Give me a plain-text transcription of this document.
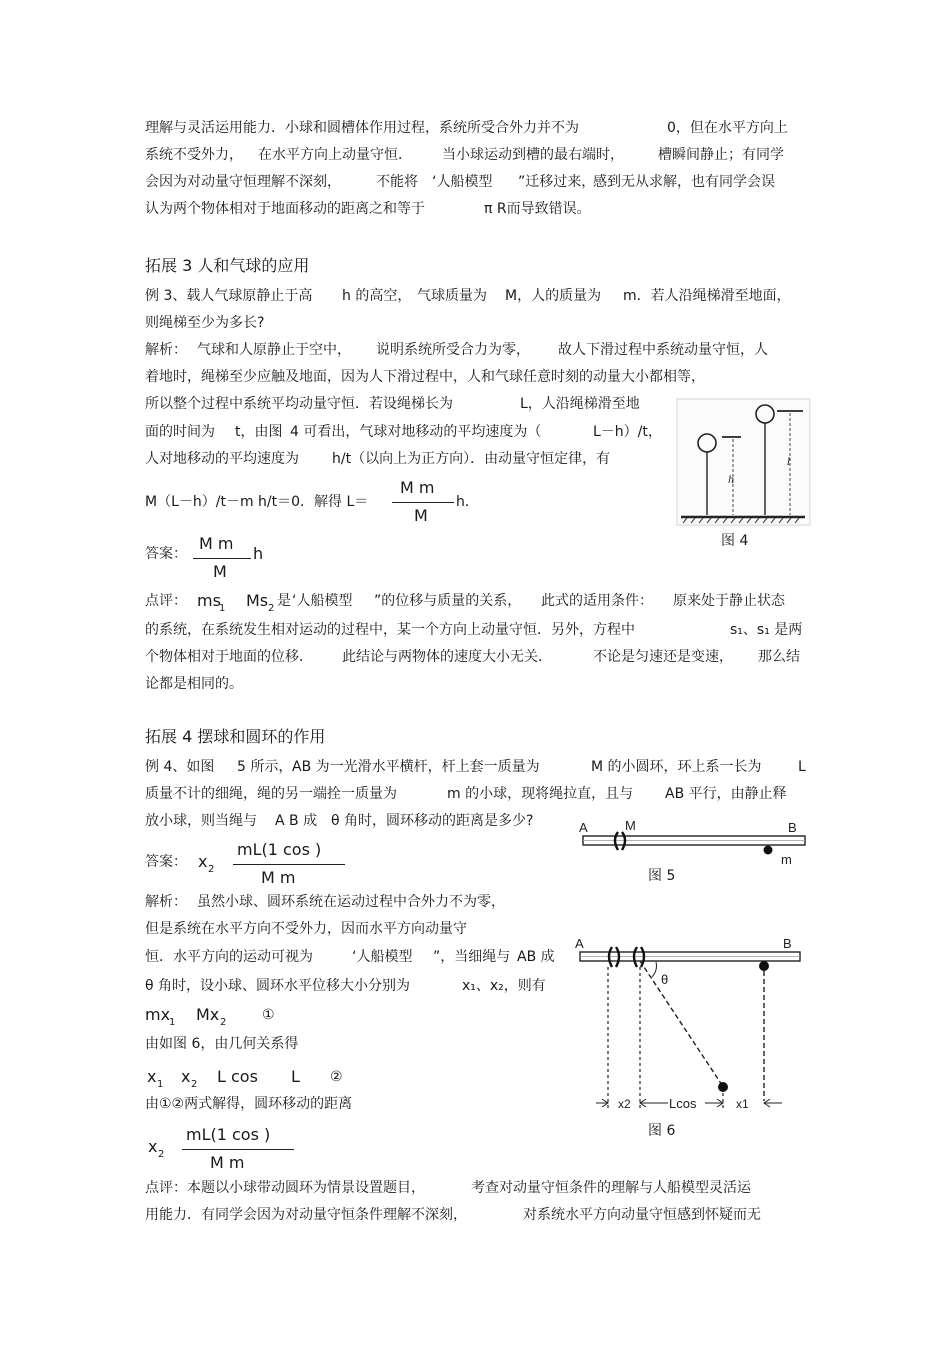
理解与灵活运用能力．小球和圆槽体作用过程，系统所受合外力并不为	0，但在水平方向上
系统不受外力， 在水平方向上动量守恒． 当小球运动到槽的最右端时， 槽瞬间静止；有同学
会因为对动量守恒理解不深刻，	不能将 ‘人船模型 ”迁移过来，
感到无从求解，也有同学会误
认为两个物体相对于地面移动的距离之和等于	π R而导致错误。
拓展 3 人和气球的应用
例 3、载人气球原静止于高 h 的高空， 气球质量为 M，人的质量为 m．若人沿绳梯滑至地面，
则绳梯至少为多长?
解析： 气球和人原静止于空中， 说明系统所受合力为零， 故人下滑过程中系统动量守恒，人
着地时，绳梯至少应触及地面，因为人下滑过程中，人和气球任意时刻的动量大小都相等，
所以整个过程中系统平均动量守恒．若设绳梯长为	L，人沿绳梯滑至地
面的时间为 t，由图 4 可看出，气球对地移动的平均速度为（	L－h）/t，
人对地移动的平均速度为 h/t（以向上为正方向）．由动量守恒定律，有
M（L－h）/t－m h/t＝0．解得 L＝
M m
M
h．
答案：
M m
M
h
h
l
图 4
点评： ms
1 Ms 2 是 ‘人船模型 ”的位移与质量的关系， 此式的适用条件： 原来处于静止状态
的系统，在系统发生相对运动的过程中，某一个方向上动量守恒．另外，方程中	s₁、s₁ 是两
个物体相对于地面的位移． 此结论与两物体的速度大小无关．	不论是匀速还是变速， 那么结
论都是相同的。
拓展 4 摆球和圆环的作用
例 4、如图 5 所示， AB 为一光滑水平横杆，杆上套一质量为	M 的小圆环，环上系一长为	L
质量不计的细绳，绳的另一端拴一质量为	m 的小球，现将绳拉直，且与 AB 平行，由静止释
放小球，则当绳与 A B 成 θ 角时，圆环移动的距离是多少?
答案： x 2
mL(1 cos )
M m
A	M	B
m
图 5
解析： 虽然小球、圆环系统在运动过程中合外力不为零，
但是系统在水平方向不受外力，因而水平方向动量守
恒．水平方向的运动可视为	‘人船模型 ”，当细绳与 AB 成
θ 角时，设小球、圆环水平位移大小分别为	x₁、x₂，则有
mx
1 Mx 2	①
由如图 6，由几何关系得
x 1 x 2 L cos L ②
由①②两式解得，圆环移动的距离
x 2
mL(1 cos )
M m
A	B
θ
x2	Lcos	x1
图 6
点评：本题以小球带动圆环为情景设置题目，	考查对动量守恒条件的理解与人船模型灵活运
用能力．有同学会因为对动量守恒条件理解不深刻，	对系统水平方向动量守恒感到怀疑而无
